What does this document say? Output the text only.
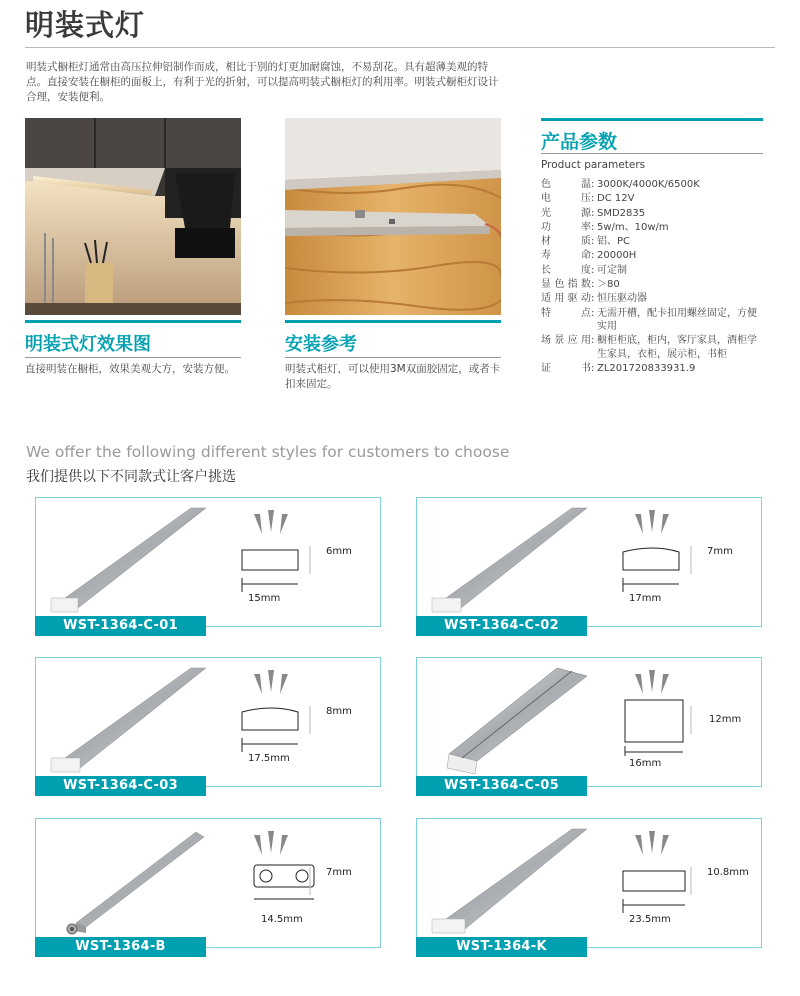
明装式灯

明装式橱柜灯通常由高压拉伸铝制作而成，相比于别的灯更加耐腐蚀，不易刮花。具有超薄美观的特点。直接安装在橱柜的面板上，有利于光的折射，可以提高明装式橱柜灯的利用率。明装式橱柜灯设计合理，安装便利。

明装式灯效果图

直接明装在橱柜，效果美观大方，安装方便。

安装参考

明装式柜灯，可以使用3M双面胶固定，或者卡扣来固定。

产品参数
Product parameters
色温 : 3000K/4000K/6500K
电压 : DC 12V
光源 : SMD2835
功率 : 5w/m、10w/m
材质 : 铝、PC
寿命 : 20000H
长度 : 可定制
显色指数 : ＞80
适用驱动 : 恒压驱动器
特点 : 无需开槽，配卡扣用螺丝固定，方便实用
场景应用 : 橱柜柜底，柜内，客厅家具，酒柜学生家具，衣柜，展示柜，书柜
证书 : ZL201720833931.9
We offer the following different styles for customers to choose
我们提供以下不同款式让客户挑选
6mm
15mm
WST-1364-C-01
7mm
17mm
WST-1364-C-02
8mm
17.5mm
WST-1364-C-03
12mm
16mm
WST-1364-C-05
7mm
14.5mm
WST-1364-B
10.8mm
23.5mm
WST-1364-K
